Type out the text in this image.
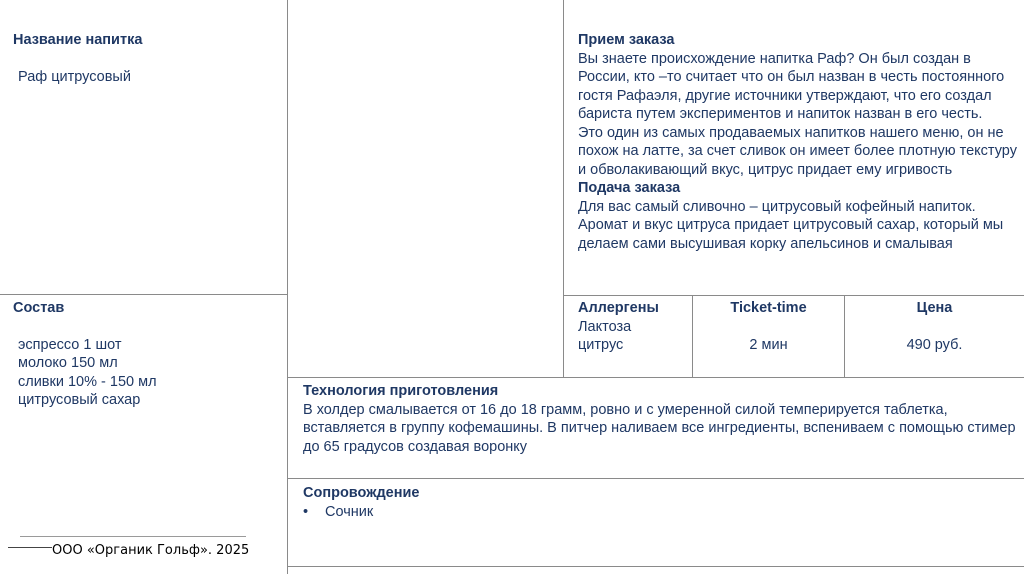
Название напитка
Раф цитрусовый
Состав
эспрессо 1 шот
молоко 150 мл
сливки 10% - 150 мл
цитрусовый сахар
Прием заказа
Вы знаете происхождение напитка Раф? Он был создан в России, кто –то считает что он был назван в честь постоянного гостя Рафаэля, другие источники утверждают, что его создал бариста путем экспериментов и напиток назван в его честь.
Это один из самых продаваемых напитков нашего меню, он не похож на латте, за счет сливок он имеет более плотную текстуру и обволакивающий вкус, цитрус придает ему игривость
Подача заказа
Для вас самый сливочно – цитрусовый кофейный напиток. Аромат и вкус цитруса придает цитрусовый сахар, который мы делаем сами высушивая корку апельсинов и смалывая
Аллергены
Лактоза
цитрус
Ticket-time
2 мин
Цена
490 руб.
Технология приготовления
В холдер смалывается от 16 до 18 грамм, ровно и с умеренной силой темперируется таблетка, вставляется в группу кофемашины. В питчер наливаем все ингредиенты, вспениваем с помощью стимер до 65 градусов создавая воронку
Сопровождение
• Сочник
ООО «Органик Гольф». 2025
